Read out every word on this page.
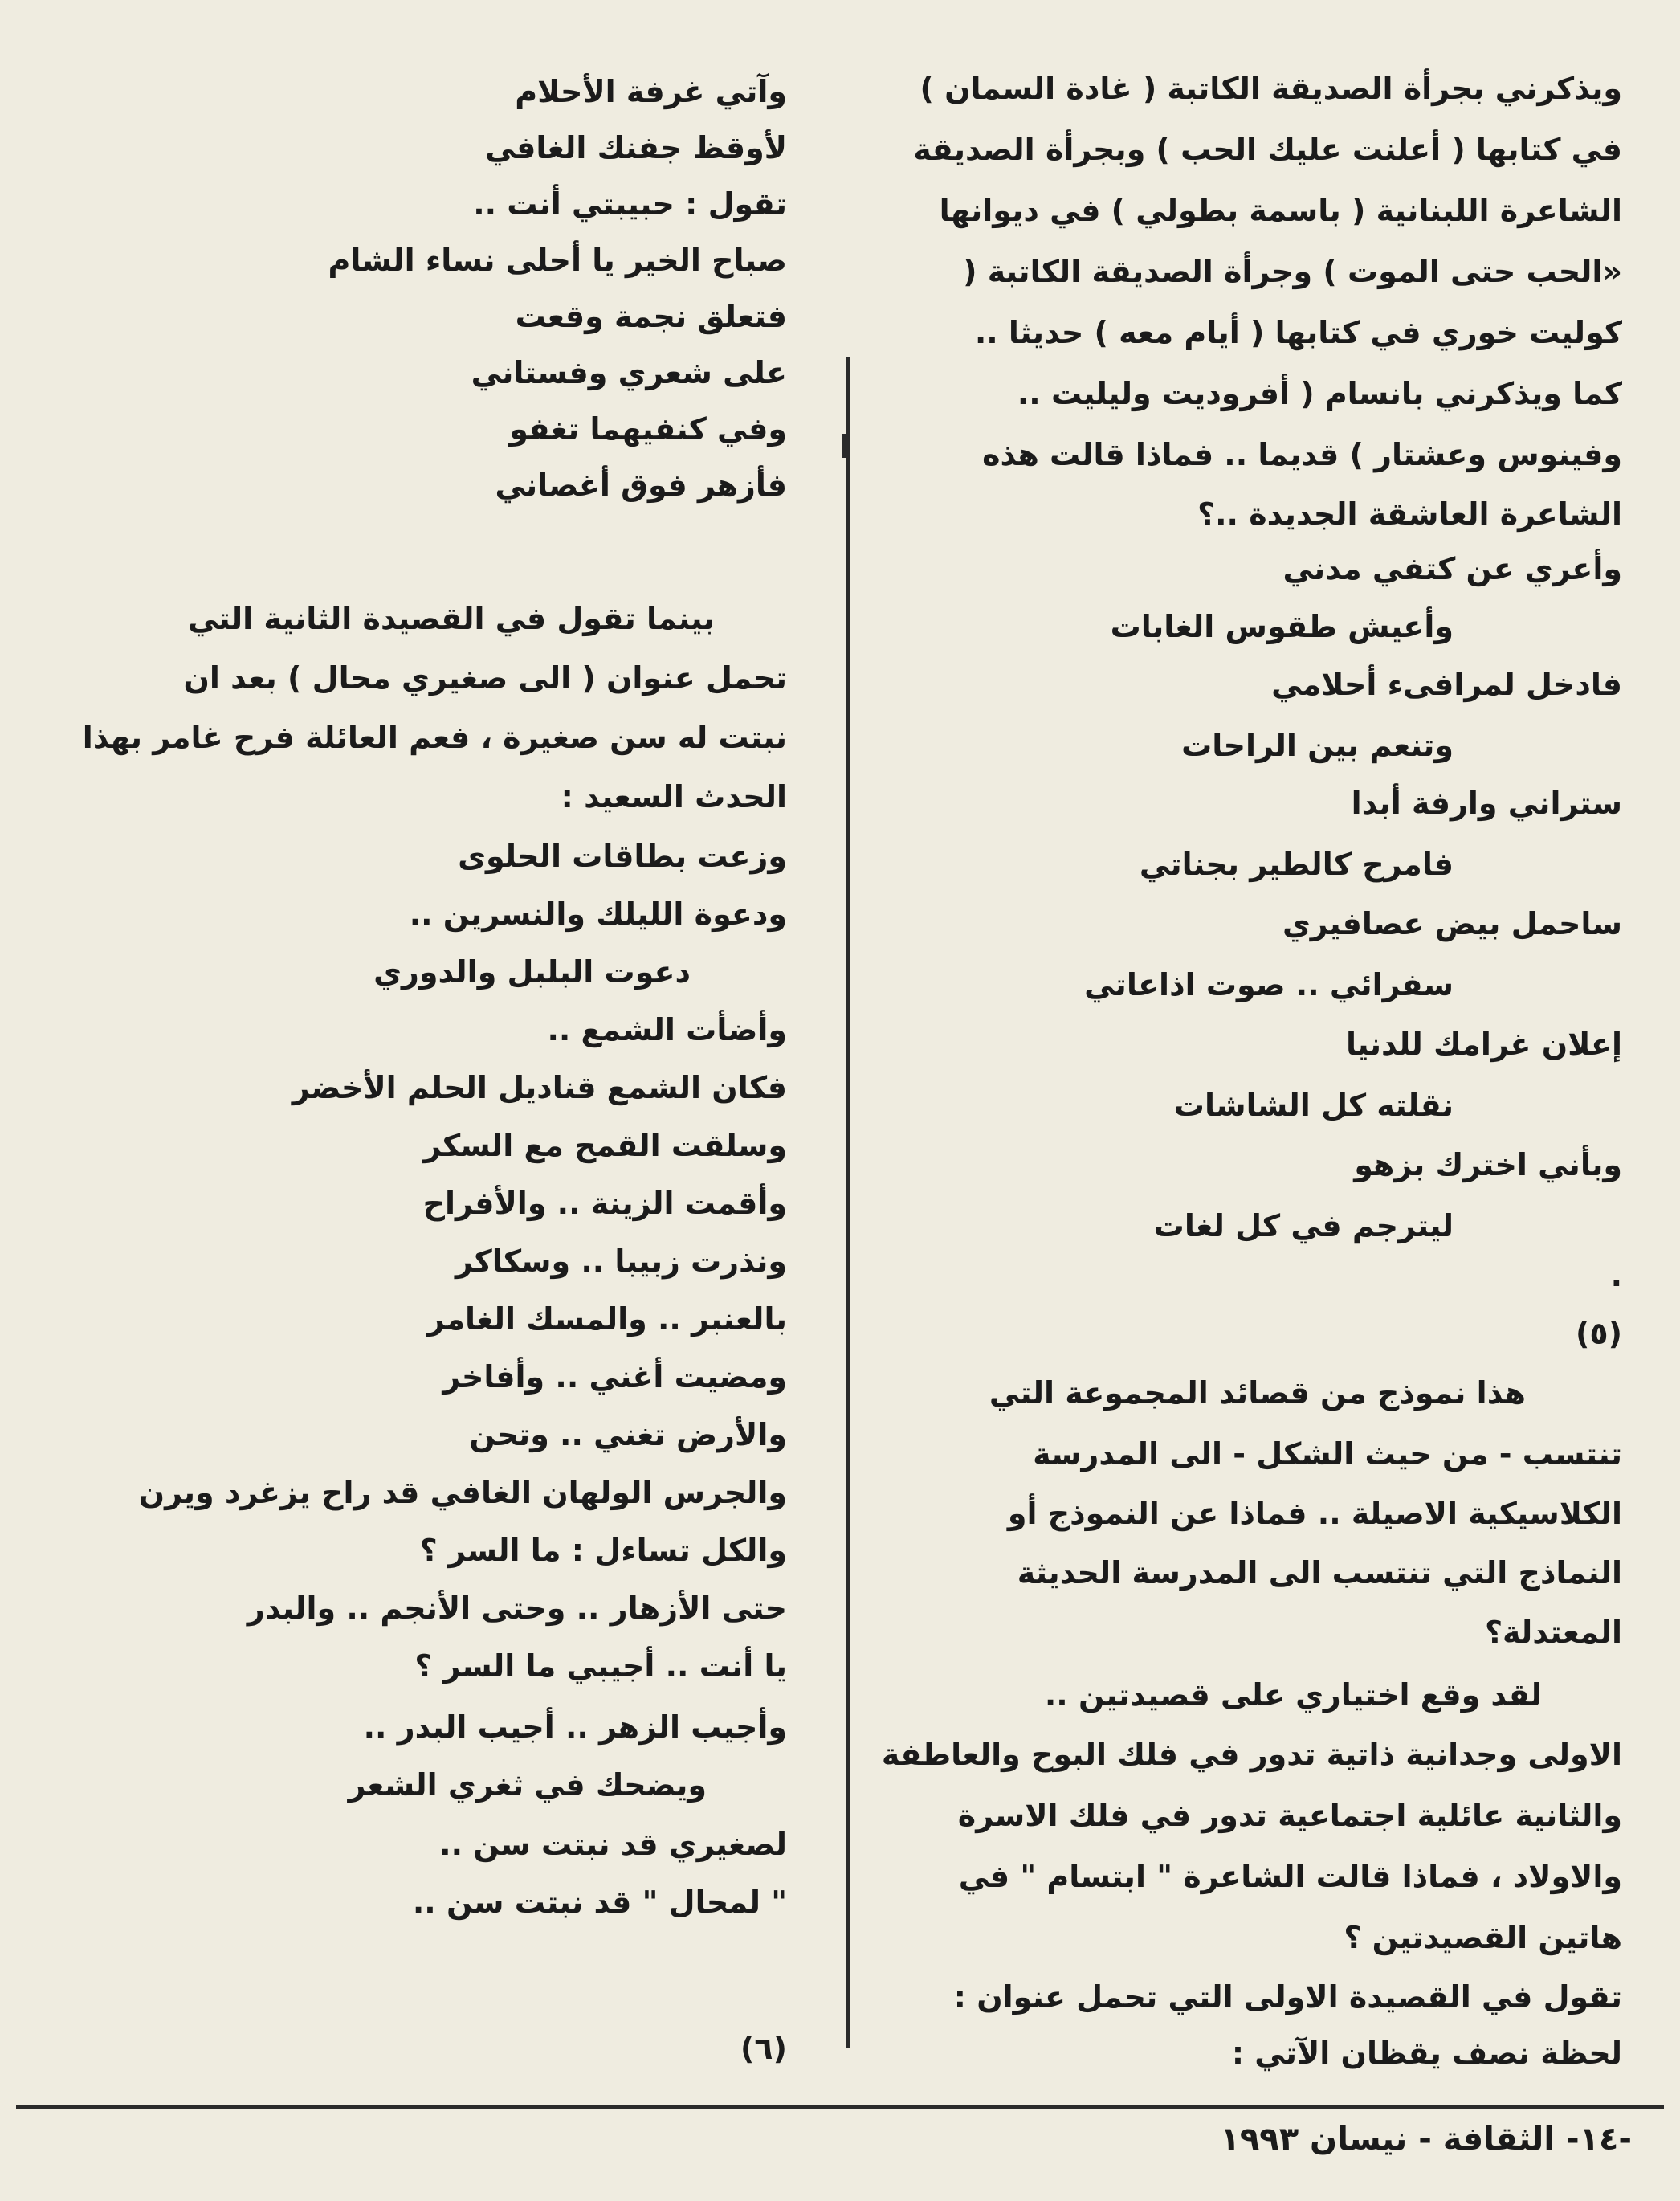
ويذكرني بجرأة الصديقة الكاتبة ( غادة السمان )
في كتابها ( أعلنت عليك الحب ) وبجرأة الصديقة
الشاعرة اللبنانية ( باسمة بطولي ) في ديوانها
«الحب حتى الموت ) وجرأة الصديقة الكاتبة (
كوليت خوري في كتابها ( أيام معه ) حديثا ..
كما ويذكرني بانسام ( أفروديت وليليت ..
وفينوس وعشتار ) قديما .. فماذا قالت هذه
الشاعرة العاشقة الجديدة ..؟
وأعري عن كتفي مدني
وأعيش طقوس الغابات
فادخل لمرافىء أحلامي
وتنعم بين الراحات
ستراني وارفة أبدا
فامرح كالطير بجناتي
ساحمل بيض عصافيري
سفرائي .. صوت اذاعاتي
إعلان غرامك للدنيا
نقلته كل الشاشات
وبأني اخترك بزهو
ليترجم في كل لغات
.
(٥)
هذا نموذج من قصائد المجموعة التي
تنتسب - من حيث الشكل - الى المدرسة
الكلاسيكية الاصيلة .. فماذا عن النموذج أو
النماذج التي تنتسب الى المدرسة الحديثة
المعتدلة؟
لقد وقع اختياري على قصيدتين ..
الاولى وجدانية ذاتية تدور في فلك البوح والعاطفة
والثانية عائلية اجتماعية تدور في فلك الاسرة
والاولاد ، فماذا قالت الشاعرة " ابتسام " في
هاتين القصيدتين ؟
تقول في القصيدة الاولى التي تحمل عنوان :
لحظة نصف يقظان الآتي :
وآتي غرفة الأحلام
لأوقظ جفنك الغافي
تقول : حبيبتي أنت ..
صباح الخير يا أحلى نساء الشام
فتعلق نجمة وقعت
على شعري وفستاني
وفي كنفيهما تغفو
فأزهر فوق أغصاني
بينما تقول في القصيدة الثانية التي
تحمل عنوان ( الى صغيري محال ) بعد ان
نبتت له سن صغيرة ، فعم العائلة فرح غامر بهذا
الحدث السعيد :
وزعت بطاقات الحلوى
ودعوة الليلك والنسرين ..
دعوت البلبل والدوري
وأضأت الشمع ..
فكان الشمع قناديل الحلم الأخضر
وسلقت القمح مع السكر
وأقمت الزينة .. والأفراح
ونذرت زبيبا .. وسكاكر
بالعنبر .. والمسك الغامر
ومضيت أغني .. وأفاخر
والأرض تغني .. وتحن
والجرس الولهان الغافي قد راح يزغرد ويرن
والكل تساءل : ما السر ؟
حتى الأزهار .. وحتى الأنجم .. والبدر
يا أنت .. أجيبي ما السر ؟
وأجيب الزهر .. أجيب البدر ..
ويضحك في ثغري الشعر
لصغيري قد نبتت سن ..
" لمحال " قد نبتت سن ..
(٦)
-١٤- الثقافة - نيسان ١٩٩٣
